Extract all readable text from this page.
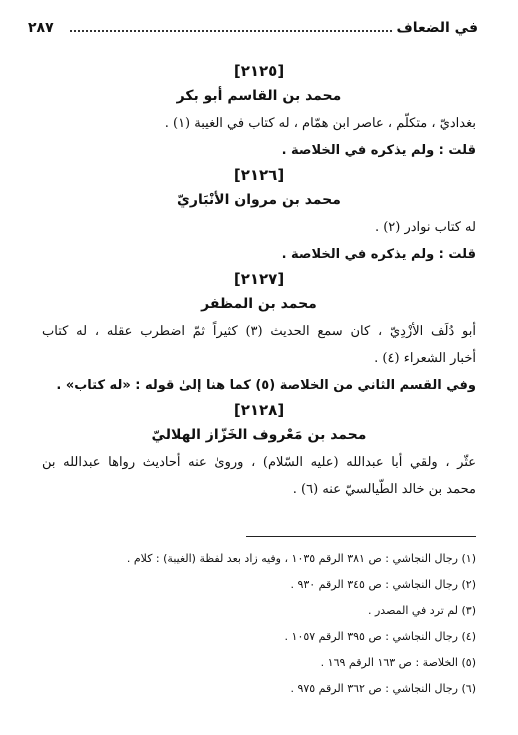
في الضعاف
٢٨٧
[٢١٢٥]
محمد بن القاسم أبو بكر
بغداديّ ، متكلّم ، عاصر ابن همّام ، له كتاب في الغيبة (١) .
قلت : ولم يذكره في الخلاصة .
[٢١٢٦]
محمد بن مروان الأنْبَاريّ
له كتاب نوادر (٢) .
قلت : ولم يذكره في الخلاصة .
[٢١٢٧]
محمد بن المظفر
أبو دُلَف الأزْدِيّ ، كان سمع الحديث (٣) كثيراً ثمّ اضطرب عقله ، له كتاب
أخبار الشعراء (٤) .
وفي القسم الثاني من الخلاصة (٥) كما هنا إلىٰ قوله : «له كتاب» .
[٢١٢٨]
محمد بن مَعْروف الخَزّاز الهلاليّ
عثّر ، ولقي أبا عبدالله (عليه السّلام) ، وروىٰ عنه أحاديث رواها عبدالله بن
محمد بن خالد الطّيالسيّ عنه (٦) .
(١) رجال النجاشي : ص ٣٨١ الرقم ١٠٣٥ ، وفيه زاد بعد لفظة (الغيبة) : كلام .
(٢) رجال النجاشي : ص ٣٤٥ الرقم ٩٣٠ .
(٣) لم ترد في المصدر .
(٤) رجال النجاشي : ص ٣٩٥ الرقم ١٠٥٧ .
(٥) الخلاصة : ص ١٦٣ الرقم ١٦٩ .
(٦) رجال النجاشي : ص ٣٦٢ الرقم ٩٧٥ .
